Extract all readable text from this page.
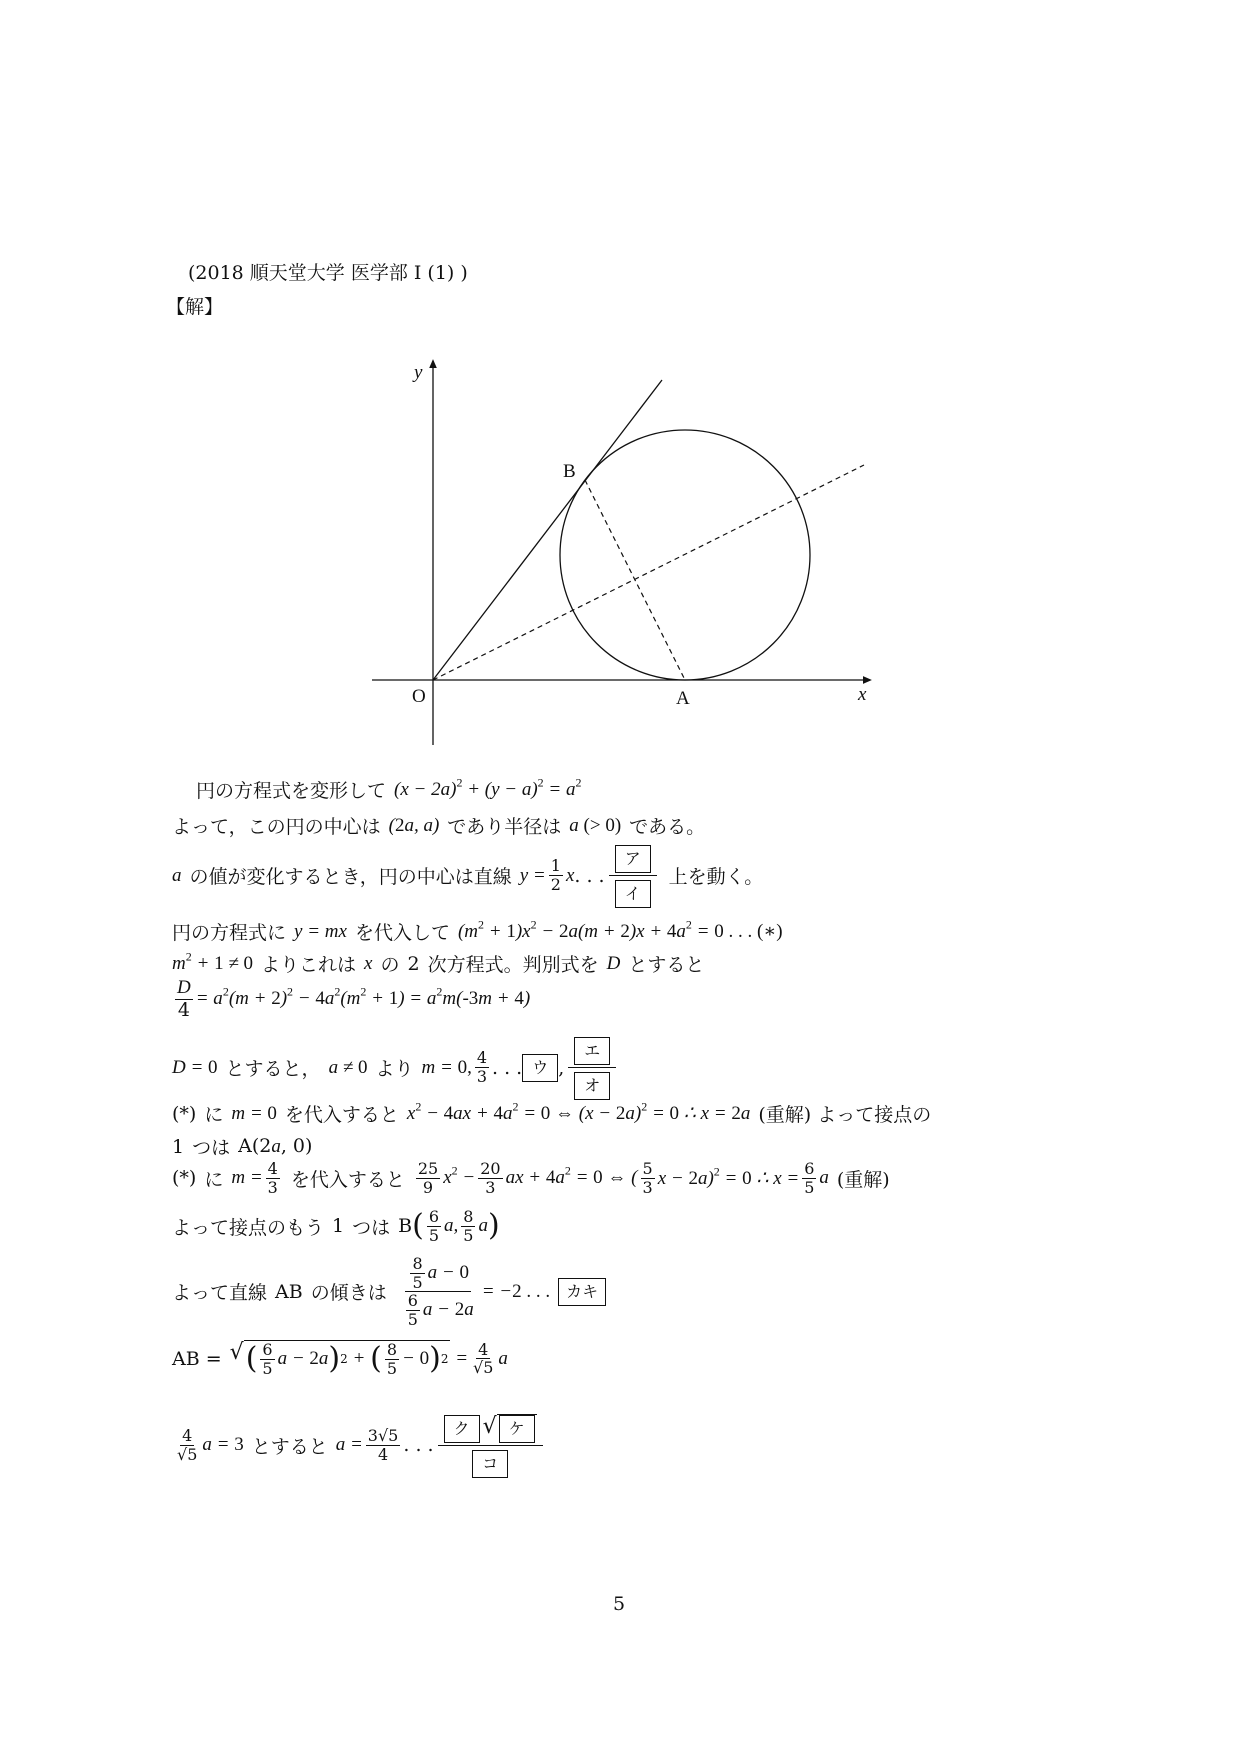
(2018 順天堂大学 医学部 I (1) )
【解】
y
x
O	A
B
円の方程式を変形して $(x - 2a)^2 + (y - a)^2 = a^2$
よって，この円の中心は (2a, a) であり半径は a (> 0) である。
a の値が変化するとき，円の中心は直線 $y = \frac{1}{2}$ x . . . $\frac{\text{ア}}{\text{イ}}$ 上を動く。
円の方程式に y = mx を代入して $(m^2 + 1)x^2 - 2a(m + 2)x + 4a^2 = 0$ . . . (∗)
$m^2 + 1 \ne 0$ よりこれは x の 2 次方程式。判別式を D とすると
$\frac{D}{4} = a^2(m + 2)^2 - 4a^2(m^2 + 1) = a^2m(-3m + 4)$
D = 0 とすると， a ≠ 0 より m = 0, $\frac{4}{3}$ . . . ウ , $\frac{\text{エ}}{\text{オ}}$
(*) に m = 0 を代入すると $x^2 - 4ax + 4a^2 = 0$ ⇔ $(x - 2a)^2 = 0$ ∴ x = 2a (重解) よって接点の
1 つは A(2a, 0)
(*) に $m = \frac{4}{3}$ を代入すると $\frac{25}{9} x^2 - \frac{20}{3}$ ax + $4a^2 = 0$ ⇔ ( $\frac{5}{3}$ x − 2a)$^2$ = 0 ∴ $x = \frac{6}{5}$ a (重解)
よって接点のもう 1 つは B ( $\frac{6}{5} a$, $\frac{8}{5}$ a )
よって直線 AB の傾きは $\frac{\frac{8}{5} a - 0}{\frac{6}{5} a - 2a} = -2$ . . .	カキ
AB = √ ( $\frac{6}{5}$ a − 2a ) 2 + ( $\frac{8}{5} - 0$ ) $2 = \frac{4}{√5}$ a
$\frac{4}{√5}$ a = 3 とすると $a = \frac{3√5}{4}$ . . . $\frac{\text{ク √ ケ}}{\text{コ}}$
5
